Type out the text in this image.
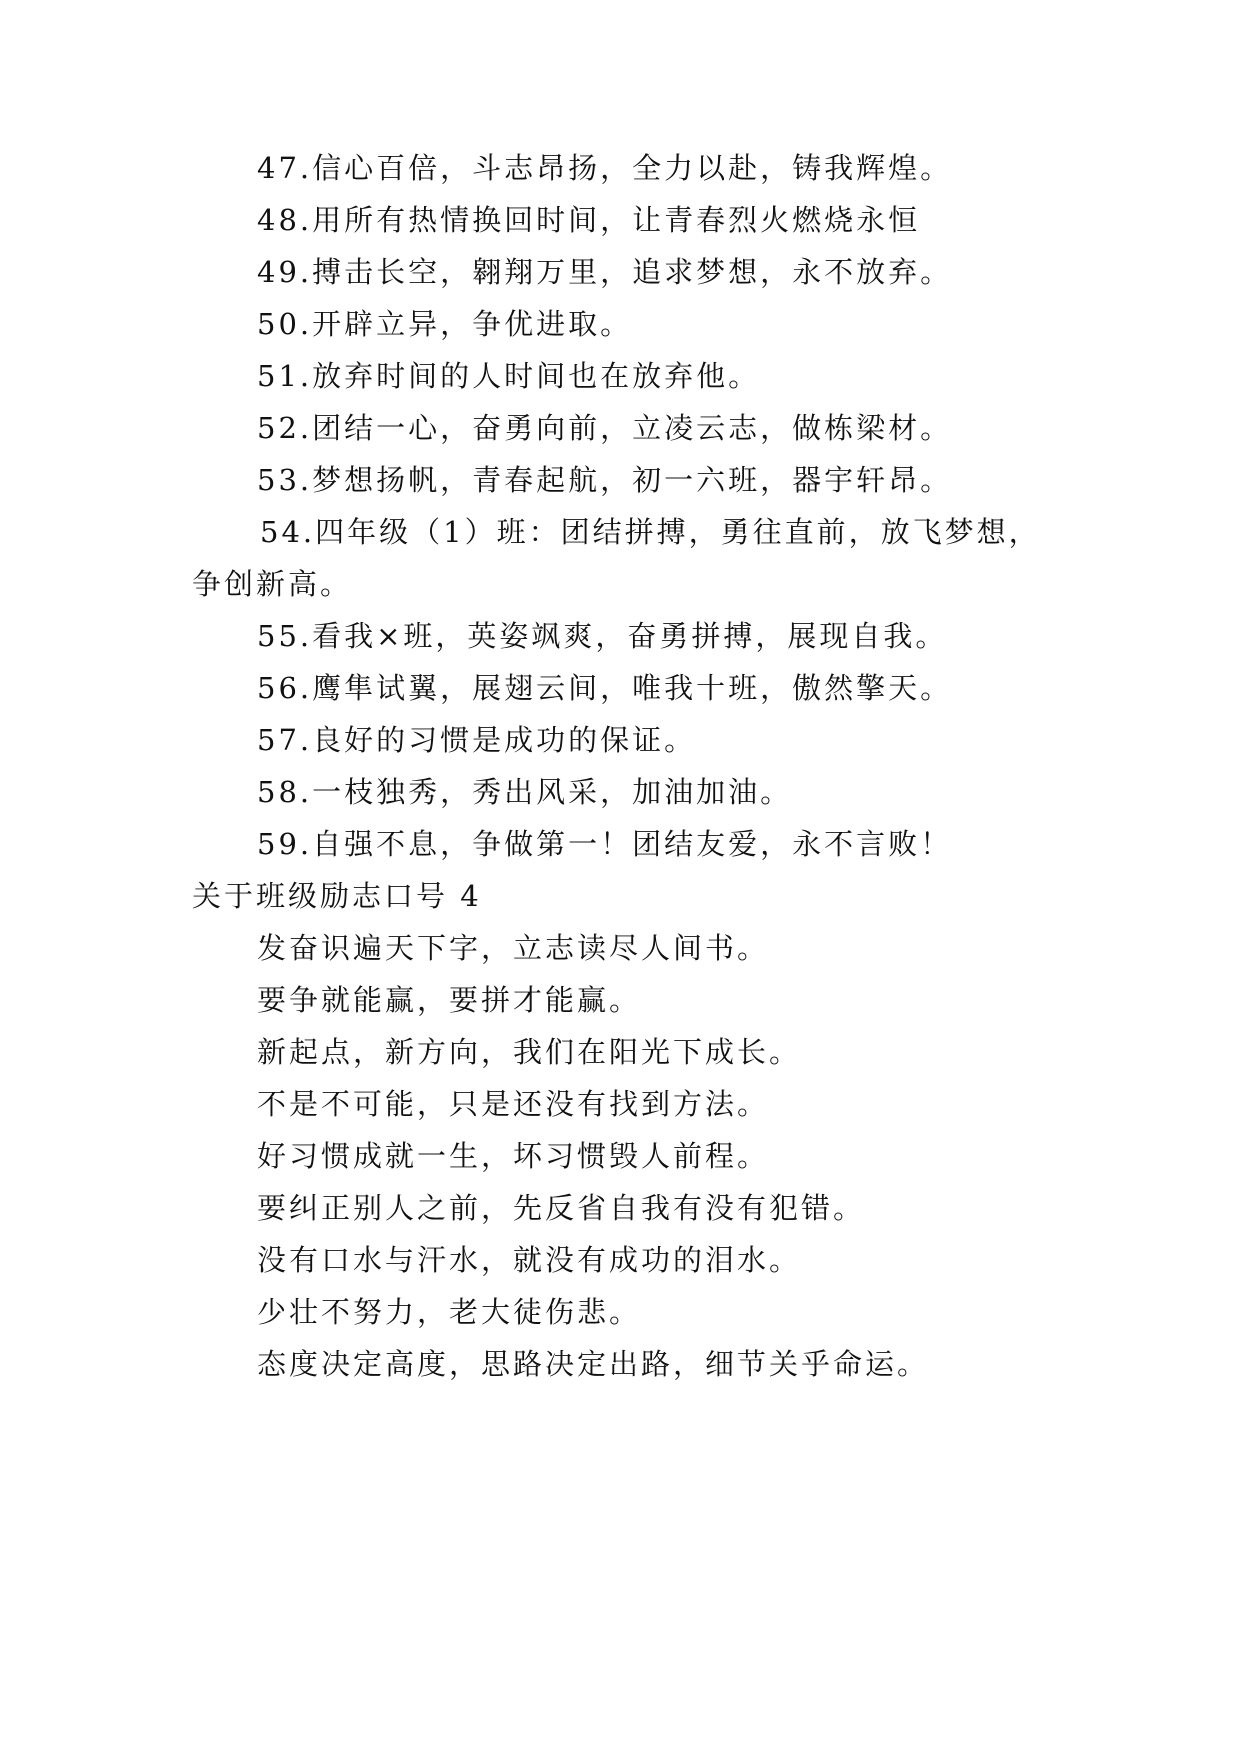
47.信心百倍，斗志昂扬，全力以赴，铸我辉煌。
48.用所有热情换回时间，让青春烈火燃烧永恒
49.搏击长空，翱翔万里，追求梦想，永不放弃。
50.开辟立异，争优进取。
51.放弃时间的人时间也在放弃他。
52.团结一心，奋勇向前，立凌云志，做栋梁材。
53.梦想扬帆，青春起航，初一六班，器宇轩昂。
54.四年级（1）班：团结拼搏，勇往直前，放飞梦想，
争创新高。
55.看我×班，英姿飒爽，奋勇拼搏，展现自我。
56.鹰隼试翼，展翅云间，唯我十班，傲然擎天。
57.良好的习惯是成功的保证。
58.一枝独秀，秀出风采，加油加油。
59.自强不息，争做第一！团结友爱，永不言败！
关于班级励志口号 4
发奋识遍天下字，立志读尽人间书。
要争就能赢，要拼才能赢。
新起点，新方向，我们在阳光下成长。
不是不可能，只是还没有找到方法。
好习惯成就一生，坏习惯毁人前程。
要纠正别人之前，先反省自我有没有犯错。
没有口水与汗水，就没有成功的泪水。
少壮不努力，老大徒伤悲。
态度决定高度，思路决定出路，细节关乎命运。
